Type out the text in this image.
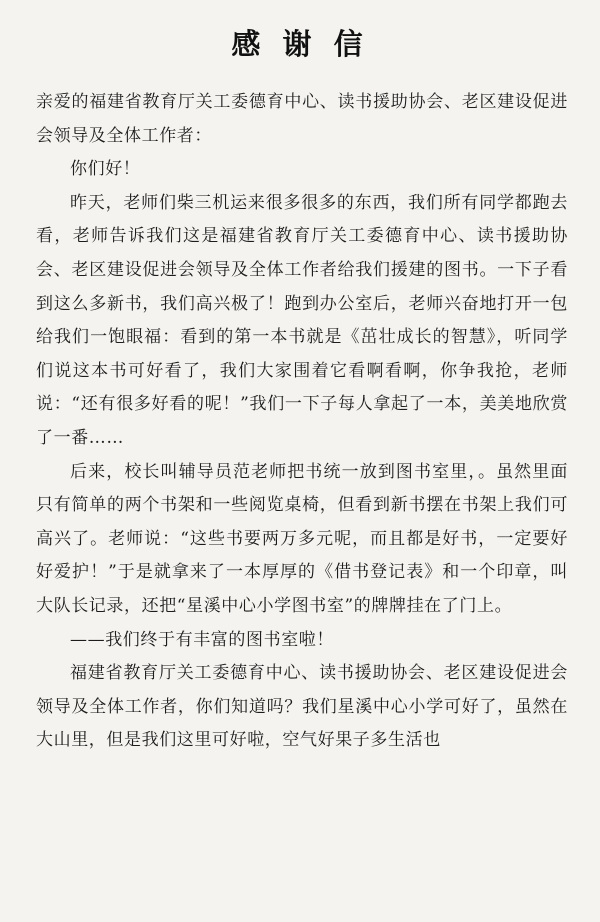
感 谢 信

亲爱的福建省教育厅关工委德育中心、读书援助协会、老区建设促进会领导及全体工作者：

你们好！

昨天，老师们柴三机运来很多很多的东西，我们所有同学都跑去看，老师告诉我们这是福建省教育厅关工委德育中心、读书援助协会、老区建设促进会领导及全体工作者给我们援建的图书。一下子看到这么多新书，我们高兴极了！跑到办公室后，老师兴奋地打开一包给我们一饱眼福：看到的第一本书就是《茁壮成长的智慧》，听同学们说这本书可好看了，我们大家围着它看啊看啊，你争我抢，老师说：“还有很多好看的呢！”我们一下子每人拿起了一本，美美地欣赏了一番……

后来，校长叫辅导员范老师把书统一放到图书室里，。虽然里面只有简单的两个书架和一些阅览桌椅，但看到新书摆在书架上我们可高兴了。老师说：“这些书要两万多元呢，而且都是好书，一定要好好爱护！”于是就拿来了一本厚厚的《借书登记表》和一个印章，叫大队长记录，还把“星溪中心小学图书室”的牌牌挂在了门上。

——我们终于有丰富的图书室啦！

福建省教育厅关工委德育中心、读书援助协会、老区建设促进会领导及全体工作者，你们知道吗？我们星溪中心小学可好了，虽然在大山里，但是我们这里可好啦，空气好果子多生活也
